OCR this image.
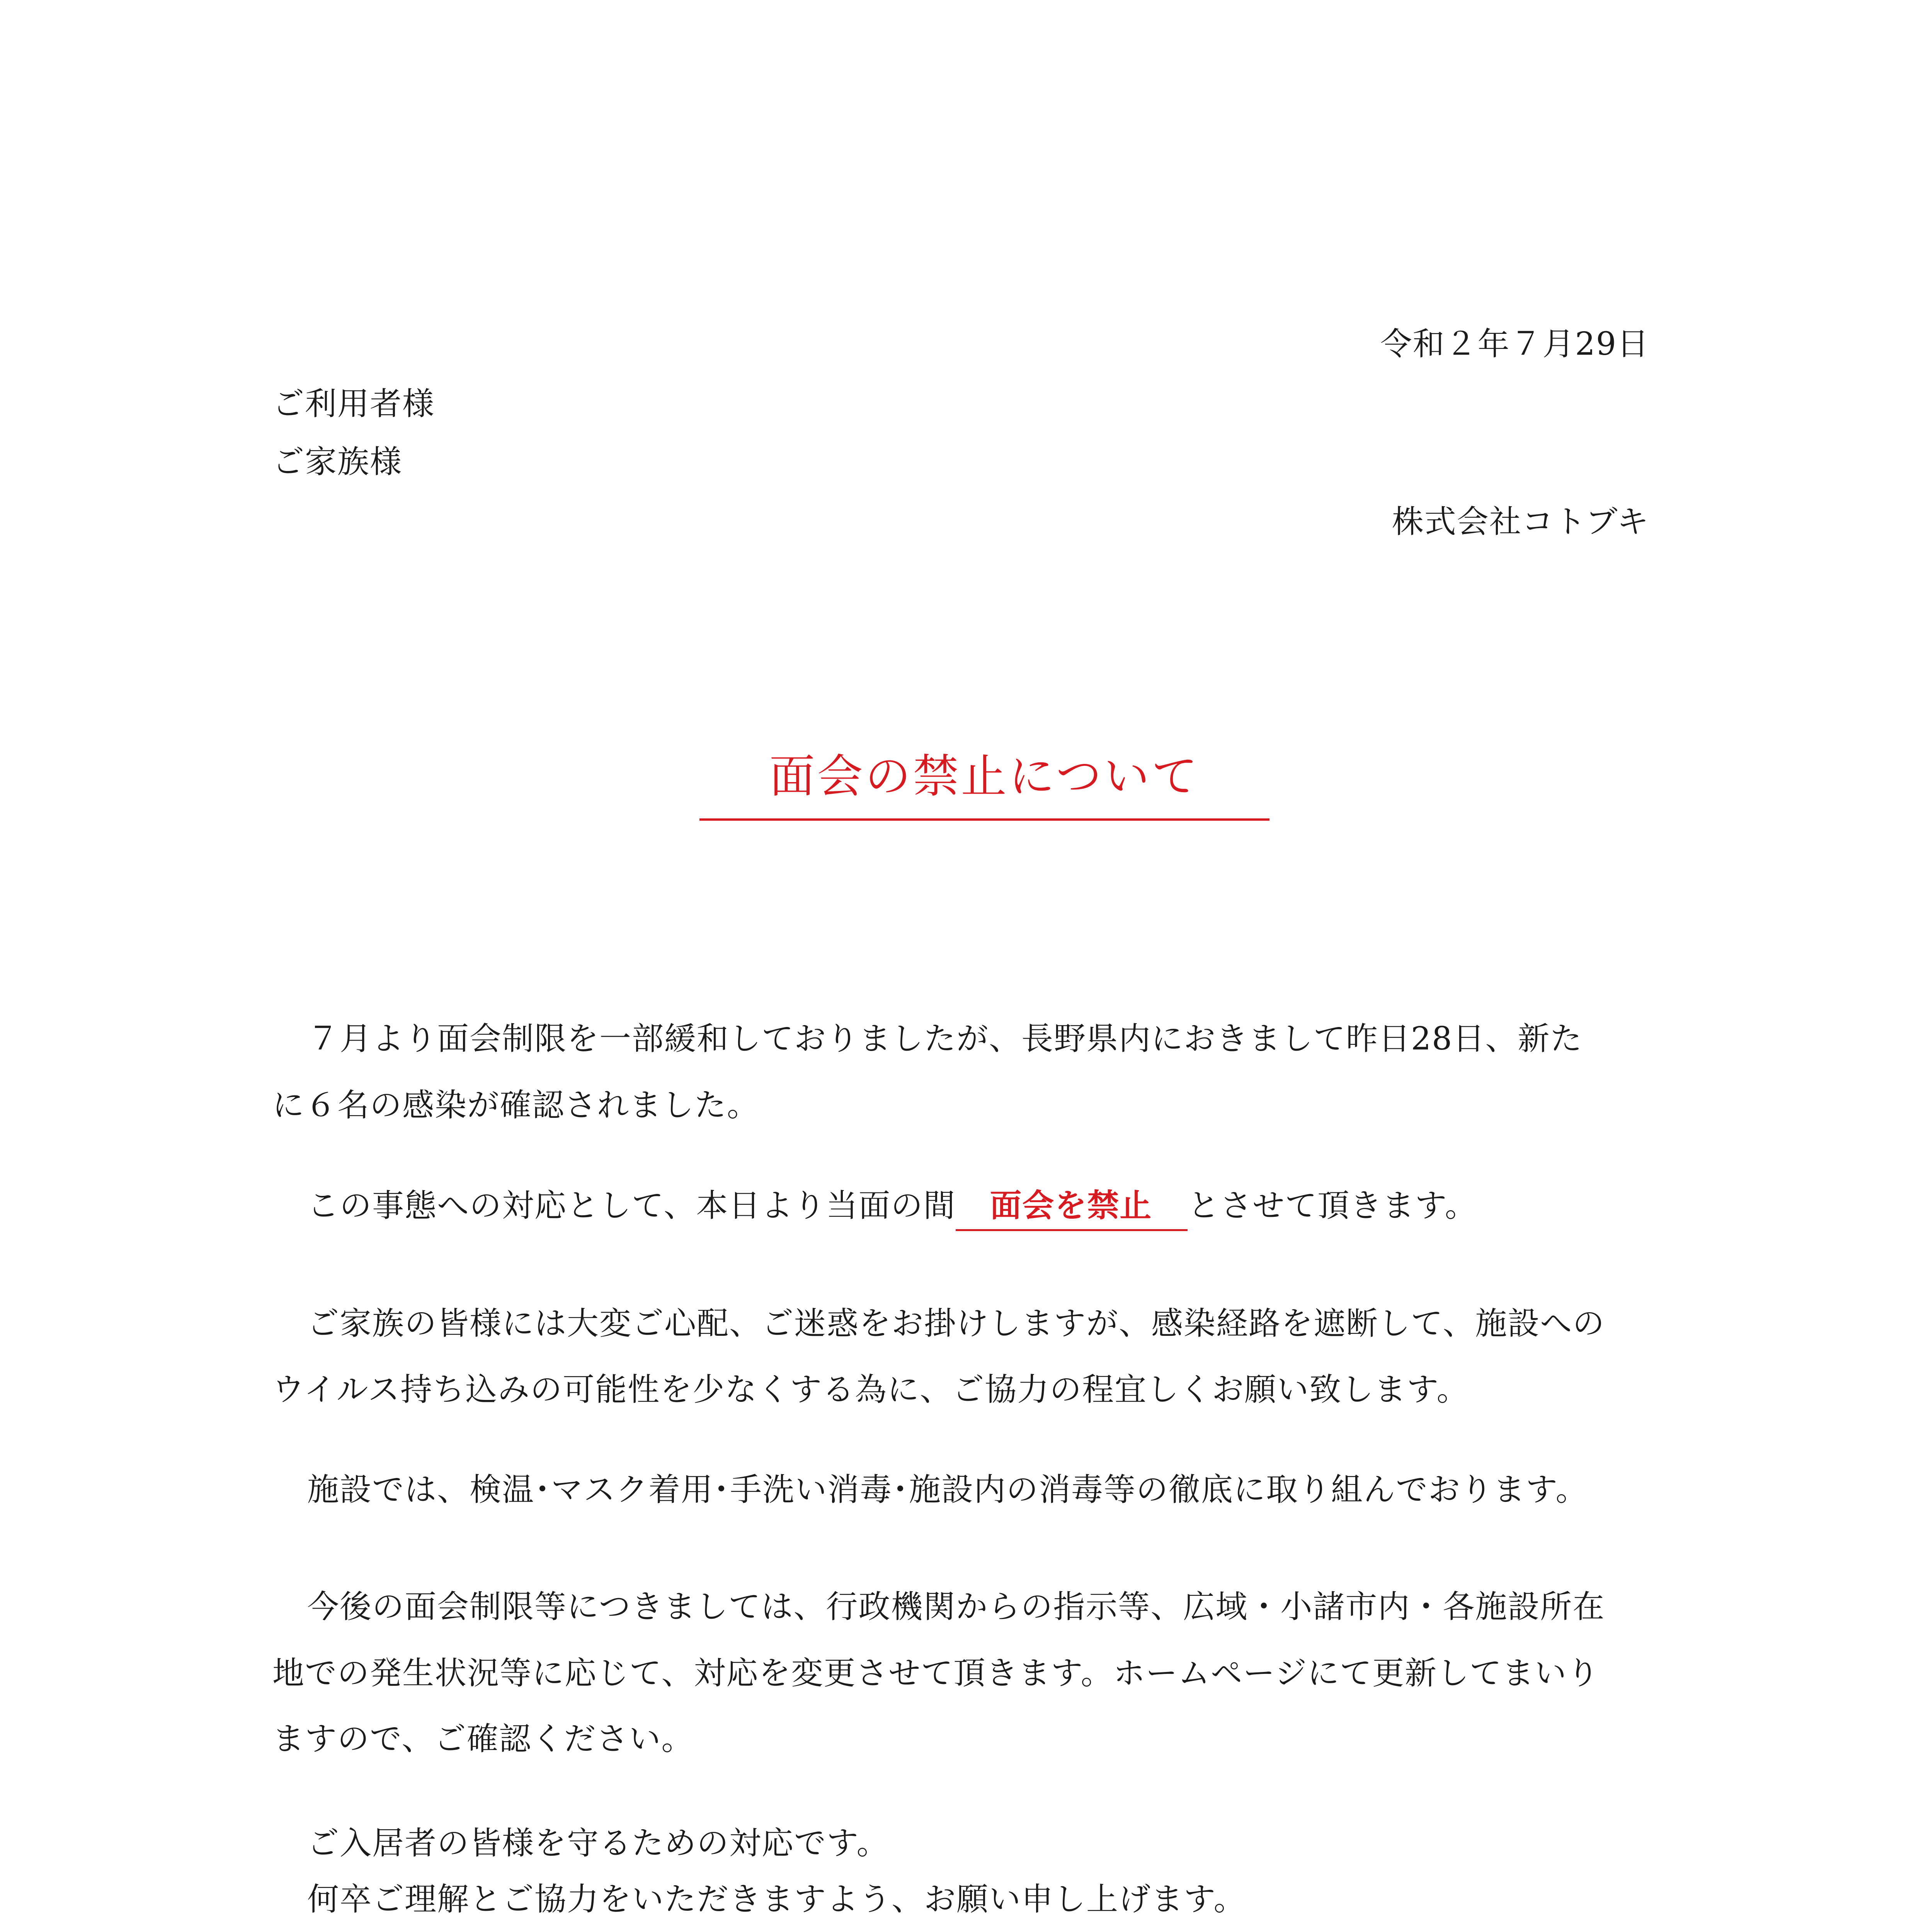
令和２年７月29日
ご利用者様
ご家族様
株式会社コトブキ
面会の禁止について
７月より面会制限を一部緩和しておりましたが、長野県内におきまして昨日28日、新た
に６名の感染が確認されました。
この事態への対応として、本日より当面の間 面会を禁止 とさせて頂きます。
ご家族の皆様には大変ご心配、ご迷惑をお掛けしますが、感染経路を遮断して、施設への
ウイルス持ち込みの可能性を少なくする為に、ご協力の程宜しくお願い致します。
施設では、検温･マスク着用･手洗い消毒･施設内の消毒等の徹底に取り組んでおります。
今後の面会制限等につきましては、行政機関からの指示等、広域・小諸市内・各施設所在
地での発生状況等に応じて、対応を変更させて頂きます。ホームページにて更新してまいり
ますので、ご確認ください。
ご入居者の皆様を守るための対応です。
何卒ご理解とご協力をいただきますよう、お願い申し上げます。
